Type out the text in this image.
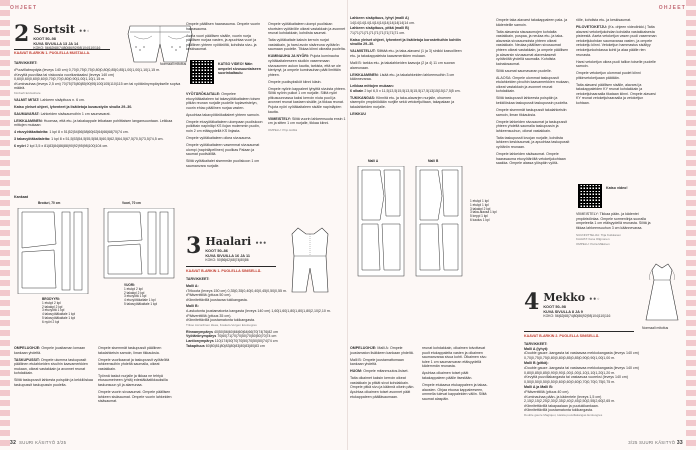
OHJEET
2 Sortsit ••◦
KOOT 50–98
KUVA SIVUILLA 13 JA 14
KAAVAT B-ARKIN 1. PUOLELLA MUSTALLA.
Normaali mitoitus

TARVIKKEET:

• Puuvillabroydyia (leveys 140 cm) 0,70|0,75|0,75|0,80|0,80|0,85|0,85|1,00|1,00|1,10|1,15 m.
• Kevyttä puuvillaa tai viskoosia vuorikankaaksi (leveys 140 cm) 0,60|0,60|0,60|0,60|0,70|0,70|0,80|0,90|1,00|1,10|1,15 m.
• Kuminauhaa (leveys 2,5 cm) 70|75|75|80|85|90|95|100|105|110|115 cm tai vyötärönympärykselle sopiva määrä.

Kimberli Eccleshare

VALMIT MITAT: Lahkeen sisäpituus n. 6 cm.

Katso yleiset ohjeet, lyhenteet ja lisätietoja kuvaustyön sivulla 29–30.

SAUMAVARAT: Lahkeiden sisäsaumoihin 1 cm saumavarat.

LEIKKAAMINEN: Huomaa, että etu- ja takakappale leikataan pohlittaisen langansuuntaan. Leikkaa mittojen mukaan:

4 etuvyötäkaitaleita: 1 kpl 8 x 51|52|54|56|58|60|62|64|66|68|70|74 cm.

3 takavyötäkaitaleita: 1 kpl 8 x 51,5|53|54,5|55,5|58,5|60,5|62,5|64,5|67,5|70,5|73,5|74,5 cm.

6 nyöri 2 kpl 3,5 x 81|83|84|86|88|90|92|95|98|100|104 cm.

Kankaat
Broduri, 70 cm	Vuori, 70 cm
BRODYYRI:
1 etukpl 2 kpl
2 takakpl 2 kpl
3 etuvyötä 1 kpl
4 takavyötäkaitale 1 kpl
5 takavyötäkaitale 1 kpl
6 nyöri 2 kpl
VUORI:
1 etukpl 2 kpl
2 takakpl 2 kpl
3 etuvyötä 1 kpl
4 etuvyötäkaitale 1 kpl
5 takavyötäkaitale 1 kpl

OMPELUOHJE: Ompele jousitaman lomaan kankaan yhdeltä.

TASKUPUSSIT: Ompele uiumma taskupussit pääliinen etulahkeiden sivuihin kaavamerkkien mukaan, oikeat vastakkain ja avonnet reunat kohdakkain.

Silitä taskupussit lahkesta poispäin ja kekkilöskaa taskupussit taskupussin puolelta.

Ompele sisemmät taskupussit pääliinen takalahkeisin samoin, liman tikkauksia.

Ompele vuorikaavat ja taskupussit vyötäröltä lahkeensuihin yhdeltä saumalla, oikeat vastakkain.

Työnnä taskut nurjalle ja tikkaa ne tehtyä etusaumeineen (yhtä) edestäkäatikkauksilla taskunsuun yli ja alareunaa.

Ompele vuorin sivusaumat. Ompele päällisen lahkeen sisäsaumat. Ompele vuorin lahkeiden sisäsaumat.

Ompele päällisen haarasauma. Ompele vuorin haarasauma.

Aseta vuori päällisen sisälle, vuorin nurja päällisen nurjaa vasten, ja apuohtaa vuori ja päällinen yhteen vyötäröltä, kohdista sivu- ja keskisaumat.

KATSO VIDEO! Näin ompelet sivusuuntaiseen suorinkaltaulu

VYÖTÄRÖKAITALE: Ompelee etuvyötäkaitaleen tai takavyötäkaitaleen toisen pitkän reunan nurjalle puolelle tuplaveistelyn, vuorin ehiac pääliinen nurjaa vasten.

Apuohtaa takavyötärökaitaleet yhteen samoin.

Ompele etuvyötäkaitaleen ulompaan puoliskoon poikittain napinläpi KS ilojan molemmin puolin, noin 2 cm etäisyydellä KS linjasta.

Ompele vyötäkaitaleen oikea sivusauma.

Ompele vyötäkaitaleen vasemmat sivusaumat ulompi (napinläpellinen) puolikas Palaan ja saumat puolivälillä.

Silitä vyötäkaitalet sisemmän puoliskoon 1 cm saumanvara nurjalle.

Ompele vyötäkaitaleen ulompi puoliskan shortsien vyötärölle oikeat vastakkain ja avonnet reunat kohdakkain, kohdista saumat.

Taita vyötäkaitale kaksin kerroin nurjat vastakkain, ja harsi avoin sisäreuna vyötärön saumaan puolelle. Tikkaa kiinni oikealta puolelta.

KUMINAUHA JA NYÖRI: Pujota kuminauha vyötäkaitaleeseen siudkin vasemmaan sivusaumen aukon kautta, tarkista, että se ole kiertynyt, ja ompele kuminauhan päät limittäin yhteen.

Ompele puolisyksiköt kiinni käsin.

Ompele nyörin kappaleet lyhyittä sivuista yhteen. Silitä nyörin puikot 1 cm nurjalle. Silitä nyöri pitkusuunnassa kaksi kerroin niuta puoli ja avonnet reunat kastaen sisälle, ja tikkaa reunat. Pujota nyöri vyötäkaitaleen sisälle napinläpien kautta.

VIIMEISTELY: Silitä vuorin lahkeensuuta ensin 1 cm ja sitten 1 cm nurjalle, tikkaa kiinni.

OMPELU: Pirjo Hölttä

3 Haalari •••
KOOT 50–86
KUVA SIVUILLA 16 JA 11
KOKO: 50|56|62|68|74|80|86
KAAVAT B-ARKIN 1. PUOLELLA SINISELLÄ.

TARVIKKEET:

Malli A:

• Trikoota (leveys 150 cm) 0,35|0,35|0,40|0,40|0,45|0,50|0,55 m.
• Pääventtiiliä (pituus 50 cm).
• Kiinnitettävillä joustavaa tukikangasta.

Malli B:

• Laskutonta joustamatonta kangasta (leveys 140 cm) 1,60|1,60|1,80|1,80|1,80|2,10|2,10 m.
• Pääventtiiliä (pituus 35 cm).
• Kiinnitettävillä joustamatonta tukikangasta.

Trikoo Accordinen Ideas, Koskelo-Vergen Ecoloogres

Rinnanympärys 40|50|56|60|66|60|64|66|70|74|76|82 cm

Vyötärönympärys 70|60|71|70|70|50|70|50|50|70|74 cm

Lantionympärys 110|174|50|70|70|50|70|50|50|74|74 cm

Takapituus 60|80|81|80|83|80|83|80|83|80|83 cm

32 SUURI KÄSITYÖ 3/25
OHJEET

Lahkeen sisäpituus, lyhyt (malli A)

14|14|14|14|14|14|14|14|14|14|14|14 cm.

Lahkeen sisäpituus, pitkä (malli B)

71|71|71|71|71|71|71|71|71|71 cm.

Katso yleiset ohjeet, lyhenteet ja lisätietoja korostettuihin kohtiin sivuilla 29–30.

VALMISTELUT: Silittää etu- ja taka-alavarsi (1 ja 3) sinikki kasvoilleen etu- ja takakappaleista kaavamerkkien mukaan.

Malli B: tarkka etu- ja takalahkeiden kaavoja (2 ja 4) 11 cm suoran alareunaan.

LEIKKAAMINEN: Lisää etu- ja takalahkeiden lahkeensuihin 3 cm käännevaraa.

Leikkaa mittojen mukaan:

6 olkain 2 kpl 6,5 x 11,5|13,5|15,5|13,5|15,5|17,5|13|15|15|17,5|5 cm.

TUKIKANGAS: Kiinnitä etu- ja taka-alavarjen nurjalle, ohuenen sisempiin ympäröidään nurjille sekä vetoketjuiltaan, takapalaan ja takalahkeiden nurjalle.

LEIKKUU

Malli A	Malli B
1 etukpl 1 kpl
1 etukpl 1 kpl
3 takakpl 2 kpl
3 taka-alaosa 1 kpl
5 keppi 1 kpl
6 kaulus 1 kpl

OMPELUOHJE: Malli A: Ompele joustamaton lisäkkeen kankaan yhdeltä.

Malli B: Ompele joustamattomaan kankaan yhdeltä.

HUOM: Ompele mitanmuutos-lisiset.

Taita olkaimet kaksin kerroin oikeat vastakkain ja pitkät sivut kohdakkain. Ompele pitkä sivu ja käännä oikein päin. Apuhtaa olkaimen toiset avonnet päät etukappaleen päälläsaumaan.

reunat kohdakkain, olkaimen toivottavat puolt etukappaleita vasten ja olkaimen saumanvaraa sivua kohti. Olkaimen sivu tulee 1 cm saumanvaran etäisyydellä kädemmän reunasta.

Apuhtaa olkaimen toiset päät takakappaleen päälle itsestään.

Ompele etukaava etukappaleen ja takaa-alaosien. Ohjaa etuosa kappaleeseen, ommella tulevat kappaleiden väliin. Silitä saumat alaspäin.

Ompele taka alavarst takakappaleen pala- ja kädenteille samoin.

Taita alavarsia sisusaumojen kohdalta vastakkain, puspaa, ja neulaa etu- ja taka-alavarsia sivusaumoista yhteen oikeat vastakkain. Neulaa päällisen sivusaumat yhteen oikeat vastakkain, ja ompele päällisen ja alavarsin sivusaumat alaveskasesti vyötäröltä yhdellä saumalla. Kohdista kainalosaumat.

Silitä saumat saumavaran puolelle.

ALAOSA: Ompele ulommat taskupussit etulahkeiden pivuihin kaavamerkkien mukaan, oikeat vastakkain ja avonnet reunat kohdakkain.

Silitä taskupussit lahkeesta poispäin ja kekkilöskaa taskupussit taskupussin puolelta.

Ompele sisemmät taskupussit takalahkeisiin samoin, liman tikkauksia.

Ompele lahkeiden sivusaumat ja taskupussit yhteen yhdeltä saumalla taskupussin ja lahkeensuuhun, oikeat vastakkain.

Taita taskupussit lovojan nurjalle, kohdista lahkeen keskisaumat, ja apuohtaa taskupussit vyötärön reunaan.

Ompele lahkeiden sisäsaumat. Ompele haarasauma etuvyötäröltä vetoketjukohtaan saakka. Ompele alassa ylöspäin vyötä-

rölle, kohdista etu- ja keskisaumat.

PILOVETOKETJU: (Ks. ohjeen videolinkki.) Taita alavarsi vetoketjukohdan kohdalta vastakkaisesta pisteestä. Aseta vetoketjun vasen puoli vasemman vetoketjukohdan saumavaraa vasten, ja ompele vetoketju kiinni. Vetoketjun hammastus sisältyy vetoketjunkohdassa kohti ja alaa päälle rien reunasta.

Harsi vetoketjun oikea puoli tallion toiselle puolelle samoin.

Ompele vetoketjun ulommat puolet kiinni pitkinvetoketjuaan päätään.

Taita alavarsi päällisen sisälle, alavarsi ja takakappaleiden KY reunat kohdakkain ja vetoketjuhaaraalla tikataan kiinni. Ompele alavarsi KY reunat vetoketjuhaaraalla ja vetoketjun kohtaan.

Katso video!

VIIMEISTELY: Tikkaa pään- ja kädentei ympäristönlaa. Ompele sormenlinja suoralla ompeleella 1 cm etäisyydellä reunasta. Silitä ja tikkaa lahkeensuuhun 3 cm käännevaraa.

SUUNNITTELIJA: Tiija Kuikkanen
KAAVAT: Ilona Ollgnonen
OMPELU: Petra Mäkinen

4 Mekko ••◦
KOOT 50–98
KUVA SIVULLA 8 JA 9
KOKO: 56|62|68|74|80|86|92|98|104|110|116
Normaali mitoitus
KAAVAT B-ARKIN 2. PUOLELLA SINISELLÄ.

TARVIKKEET:

Malli A (lyhyt):

• Double gauze -kangasta tai vastaavaa mekkokangasta (leveys 140 cm) 0,70|0,75|0,75|0,80|0,80|0,85|0,85|0,90|0,90|1,00|1,00 m.

Malli B (pitkä):

• Double gauze -kangasta tai vastaavaa mekkokangasta (leveys 140 cm) 0,80|0,85|0,85|0,90|0,90|1,00|1,00|1,10|1,10|1,20|1,20 m.
• Kevyttä puuvillakangasta tai vastaavaa vuoreksi (leveys 140 cm) 0,50|0,50|0,50|0,50|0,60|0,60|0,60|0,70|0,70|0,75|0,75 m.

Malli A ja Malli B:

• Pääventtiiliä (pituus 40 cm).
• Kuminauhaa pään- ja kädentele (leveys 1,5 cm) 2,15|2,15|2,25|2,30|2,35|2,40|2,45|2,50|2,55|2,60|2,65 m.
• Kiinnitettävillä takapaalaan ja puutukikankaan.
• Kiinnitettävillä joustamatonta tukikangasta.

Double gauze Magiquoi, Haista puuvillakangas Ecoloogres

3/25 SUURI KÄSITYÖ 33
